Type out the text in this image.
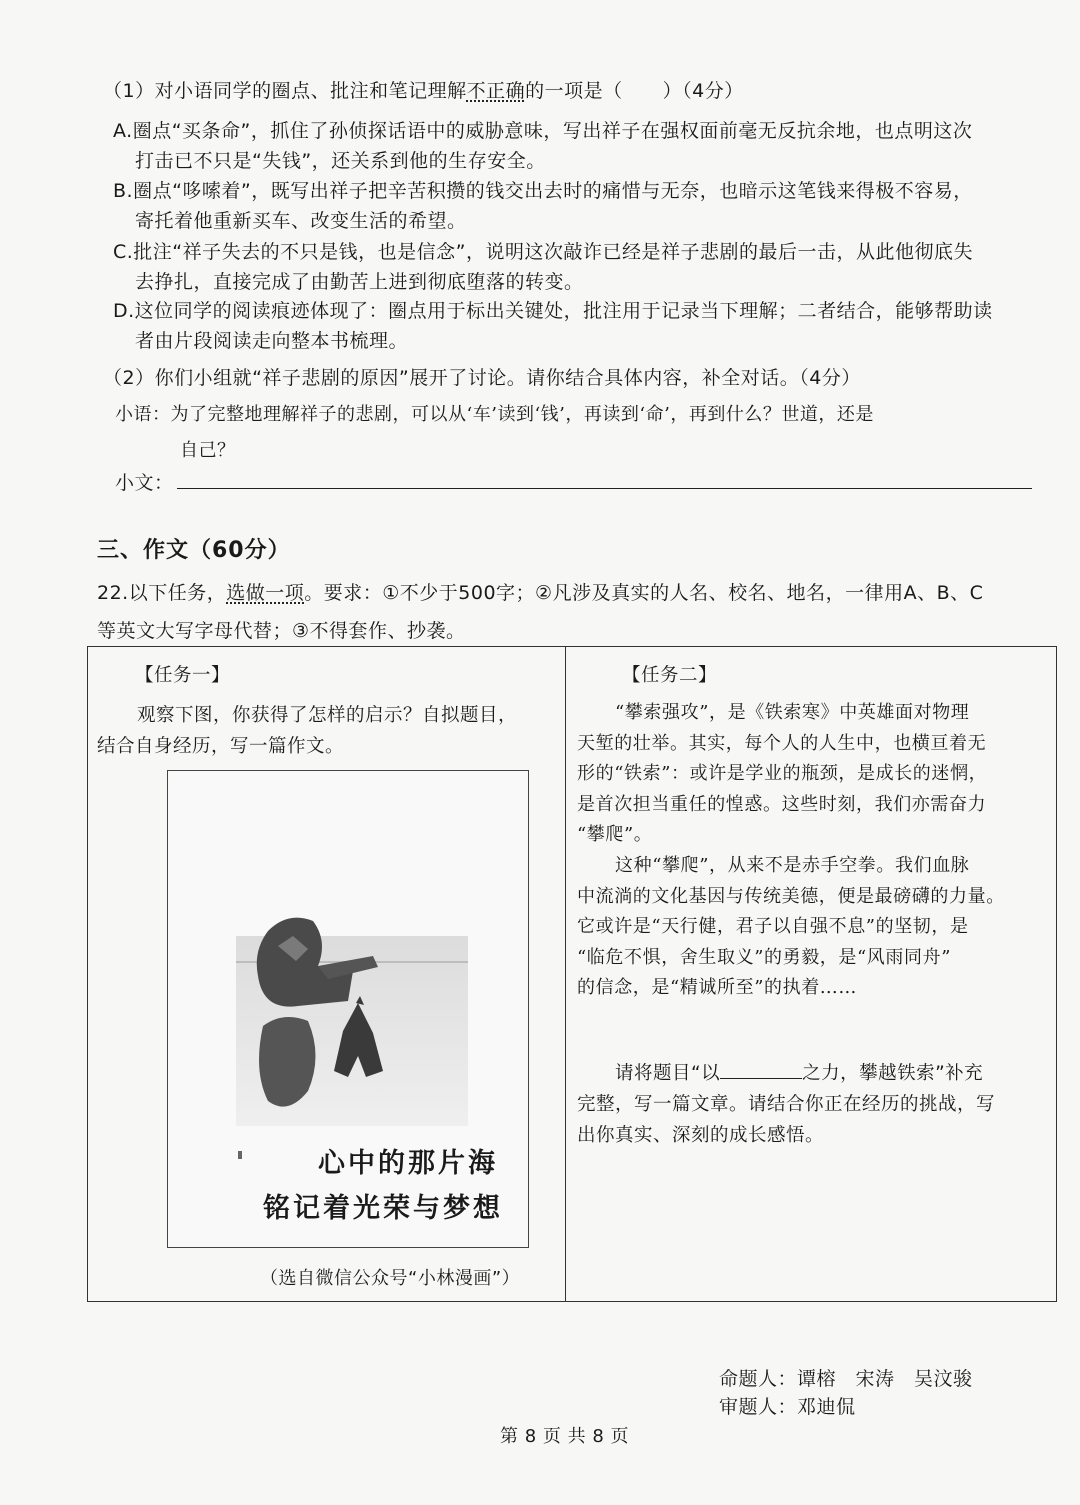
（1）对小语同学的圈点、批注和笔记理解不正确的一项是（ ）（4分）
A.圈点“买条命”，抓住了孙侦探话语中的威胁意味，写出祥子在强权面前毫无反抗余地，也点明这次
打击已不只是“失钱”，还关系到他的生存安全。
B.圈点“哆嗦着”，既写出祥子把辛苦积攒的钱交出去时的痛惜与无奈，也暗示这笔钱来得极不容易，
寄托着他重新买车、改变生活的希望。
C.批注“祥子失去的不只是钱，也是信念”，说明这次敲诈已经是祥子悲剧的最后一击，从此他彻底失
去挣扎，直接完成了由勤苦上进到彻底堕落的转变。
D.这位同学的阅读痕迹体现了：圈点用于标出关键处，批注用于记录当下理解；二者结合，能够帮助读
者由片段阅读走向整本书梳理。
（2）你们小组就“祥子悲剧的原因”展开了讨论。请你结合具体内容，补全对话。（4分）
小语：为了完整地理解祥子的悲剧，可以从‘车’读到‘钱’，再读到‘命’，再到什么？世道，还是
自己？
小文：
三、作文（60分）
22.以下任务，选做一项。要求：①不少于500字；②凡涉及真实的人名、校名、地名，一律用A、B、C
等英文大写字母代替；③不得套作、抄袭。
【任务一】
观察下图，你获得了怎样的启示？自拟题目，
结合自身经历，写一篇作文。
心中的那片海
铭记着光荣与梦想
（选自微信公众号“小林漫画”）
【任务二】
“攀索强攻”，是《铁索寒》中英雄面对物理
天堑的壮举。其实，每个人的人生中，也横亘着无
形的“铁索”：或许是学业的瓶颈，是成长的迷惘，
是首次担当重任的惶惑。这些时刻，我们亦需奋力
“攀爬”。
这种“攀爬”，从来不是赤手空拳。我们血脉
中流淌的文化基因与传统美德，便是最磅礴的力量。
它或许是“天行健，君子以自强不息”的坚韧，是
“临危不惧，舍生取义”的勇毅，是“风雨同舟”
的信念，是“精诚所至”的执着……
请将题目“以	之力，攀越铁索”补充
完整，写一篇文章。请结合你正在经历的挑战，写
出你真实、深刻的成长感悟。
命题人：谭榕　宋涛　吴汶骏
审题人：邓迪侃
第 8 页 共 8 页
